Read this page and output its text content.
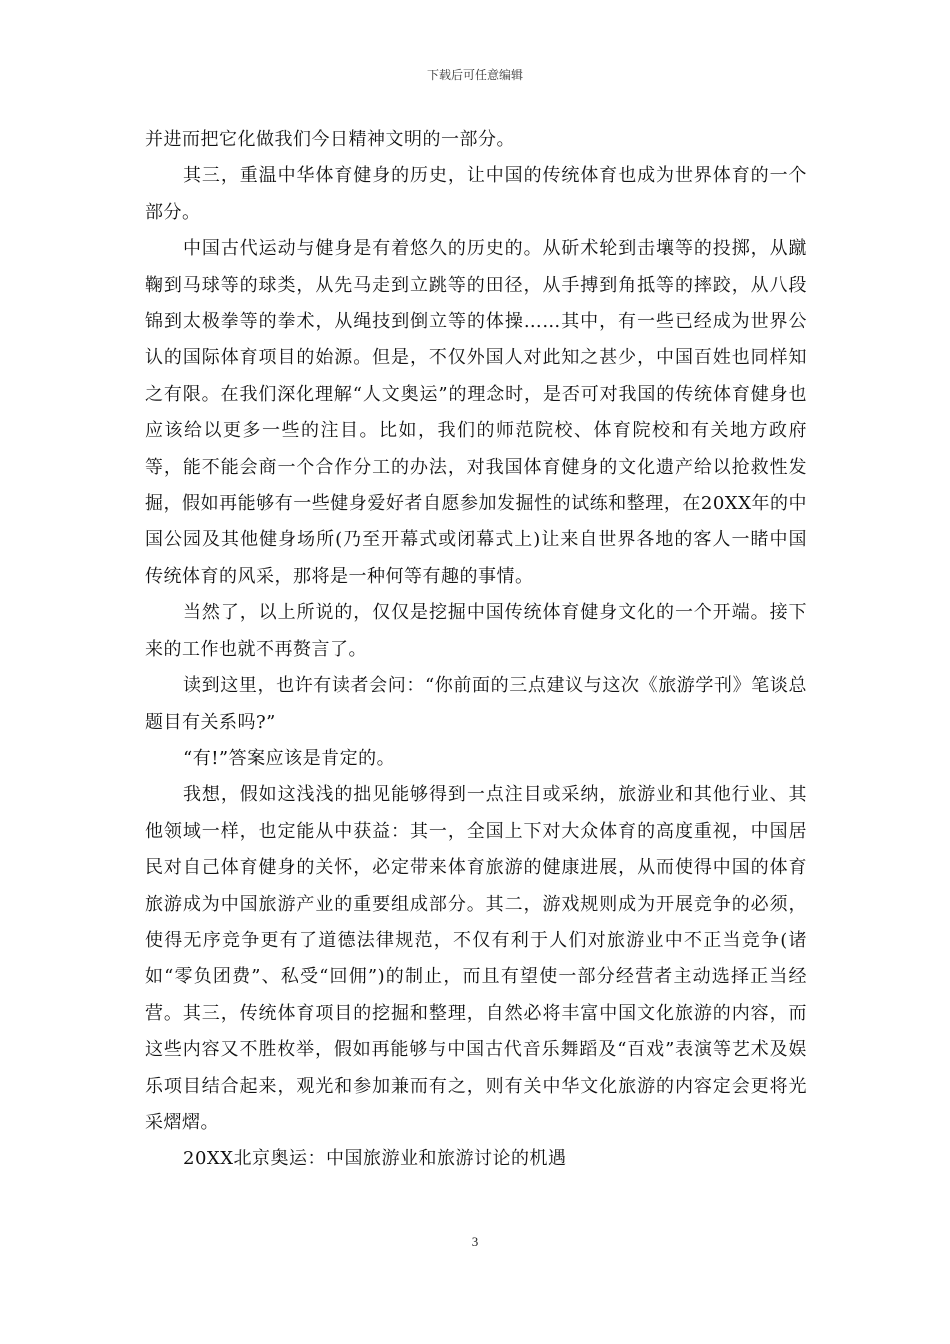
下载后可任意编辑

并进而把它化做我们今日精神文明的一部分。

其三，重温中华体育健身的历史，让中国的传统体育也成为世界体育的一个部分。

中国古代运动与健身是有着悠久的历史的。从斫术轮到击壤等的投掷，从蹴鞠到马球等的球类，从先马走到立跳等的田径，从手搏到角抵等的摔跤，从八段锦到太极拳等的拳术，从绳技到倒立等的体操……其中，有一些已经成为世界公认的国际体育项目的始源。但是，不仅外国人对此知之甚少，中国百姓也同样知之有限。在我们深化理解“人文奥运”的理念时，是否可对我国的传统体育健身也应该给以更多一些的注目。比如，我们的师范院校、体育院校和有关地方政府等，能不能会商一个合作分工的办法，对我国体育健身的文化遗产给以抢救性发掘，假如再能够有一些健身爱好者自愿参加发掘性的试练和整理，在20XX年的中国公园及其他健身场所(乃至开幕式或闭幕式上)让来自世界各地的客人一睹中国传统体育的风采，那将是一种何等有趣的事情。

当然了，以上所说的，仅仅是挖掘中国传统体育健身文化的一个开端。接下来的工作也就不再赘言了。

读到这里，也许有读者会问：“你前面的三点建议与这次《旅游学刊》笔谈总题目有关系吗?”

“有!”答案应该是肯定的。

我想，假如这浅浅的拙见能够得到一点注目或采纳，旅游业和其他行业、其他领域一样，也定能从中获益：其一，全国上下对大众体育的高度重视，中国居民对自己体育健身的关怀，必定带来体育旅游的健康进展，从而使得中国的体育旅游成为中国旅游产业的重要组成部分。其二，游戏规则成为开展竞争的必须，使得无序竞争更有了道德法律规范，不仅有利于人们对旅游业中不正当竞争(诸如“零负团费”、私受“回佣”)的制止，而且有望使一部分经营者主动选择正当经营。其三，传统体育项目的挖掘和整理，自然必将丰富中国文化旅游的内容，而这些内容又不胜枚举，假如再能够与中国古代音乐舞蹈及“百戏”表演等艺术及娱乐项目结合起来，观光和参加兼而有之，则有关中华文化旅游的内容定会更将光采熠熠。

20XX北京奥运：中国旅游业和旅游讨论的机遇

3
